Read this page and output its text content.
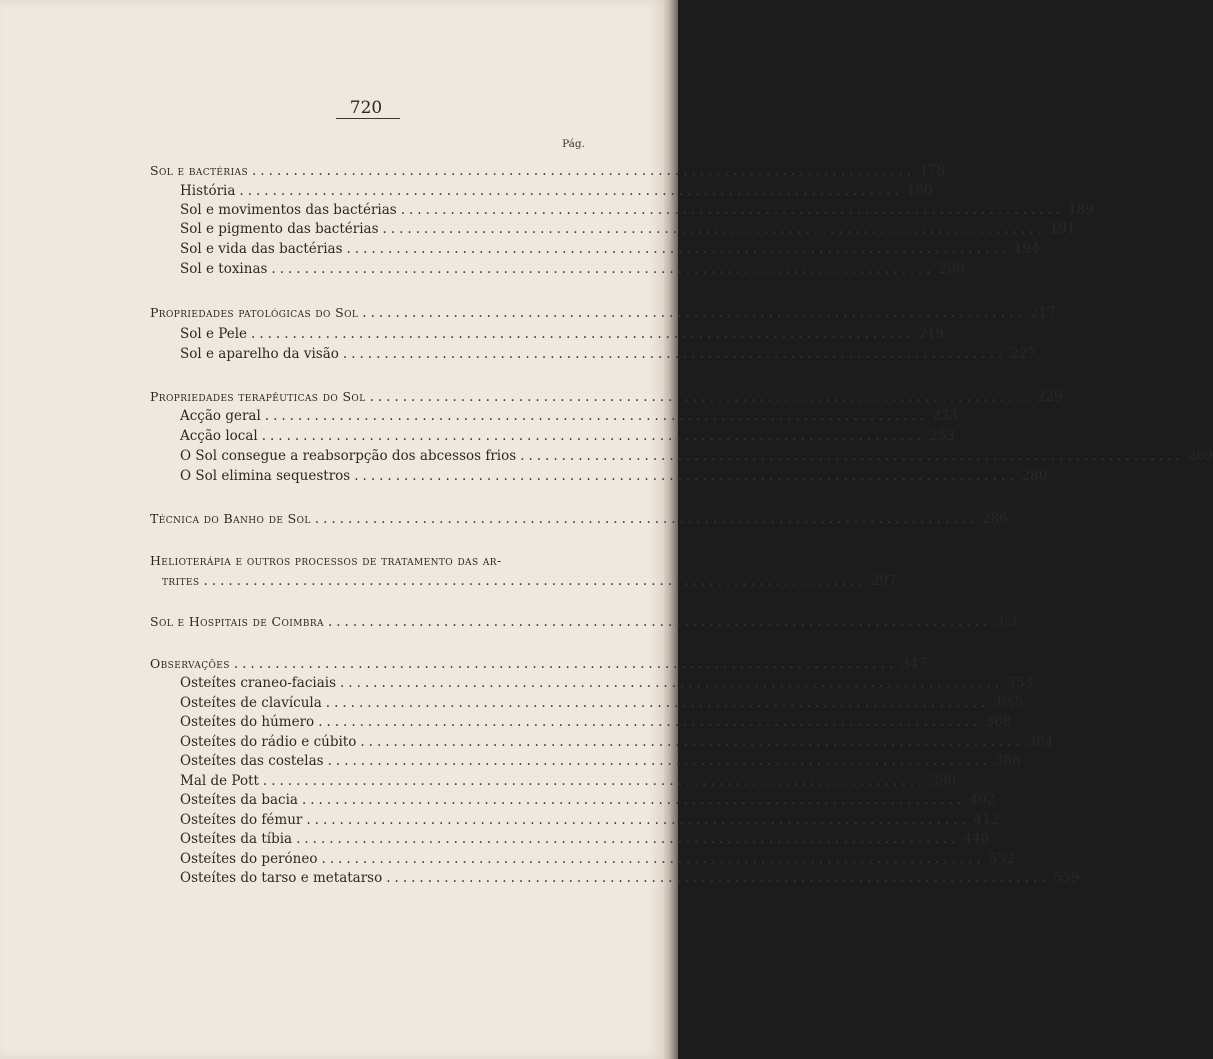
720
Pág.
Sol e bactérias ................................................................................ 178
História ................................................................................ 180
Sol e movimentos das bactérias ................................................................................ 189
Sol e pigmento das bactérias ................................................................................ 191
Sol e vida das bactérias ................................................................................ 194
Sol e toxinas ................................................................................ 208
Propriedades patológicas do Sol ................................................................................ 217
Sol e Pele ................................................................................ 219
Sol e aparelho da visão ................................................................................ 227
Propriedades terapêuticas do Sol ................................................................................ 229
Acção geral ................................................................................ 233
Acção local ................................................................................ 253
O Sol consegue a reabsorpção dos abcessos frios ................................................................................ 269
O Sol elimina sequestros ................................................................................ 280
Técnica do Banho de Sol ................................................................................ 286
Helioterápia e outros processos de tratamento das ar-
trites ................................................................................ 297
Sol e Hospitais de Coimbra ................................................................................ 3;3
Observações ................................................................................ 347
Osteítes craneo-faciais ................................................................................ 353
Osteítes de clavícula ................................................................................ 3½5
Osteítes do húmero ................................................................................ 368
Osteítes do rádio e cúbito ................................................................................ 384
Osteítes das costelas ................................................................................ 388
Mal de Pott ................................................................................ 390
Osteítes da bacia ................................................................................ 402
Osteítes do fémur ................................................................................ 412
Osteítes da tíbia ................................................................................ 440
Osteítes do peróneo ................................................................................ 532
Osteítes do tarso e metatarso ................................................................................ 559
